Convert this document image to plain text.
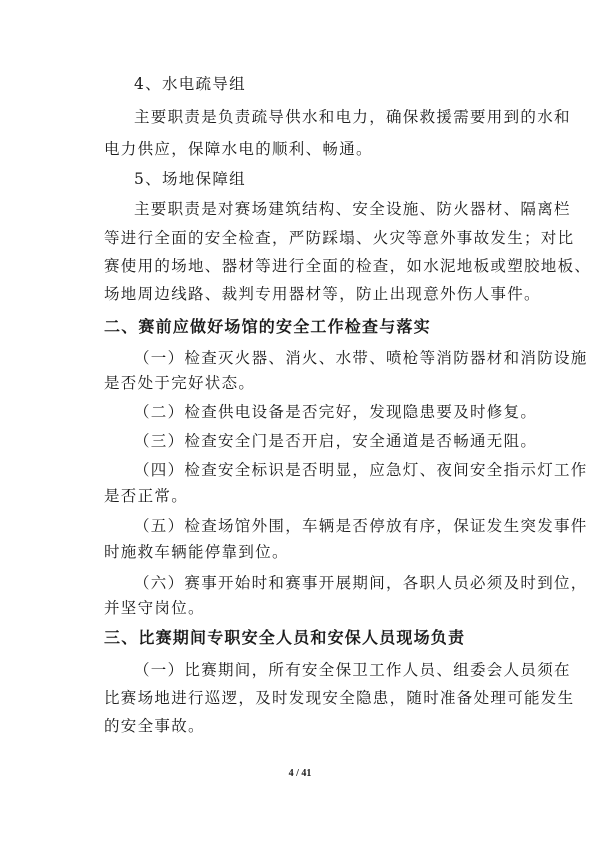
4、水电疏导组
主要职责是负责疏导供水和电力，确保救援需要用到的水和
电力供应，保障水电的顺利、畅通。
5、场地保障组
主要职责是对赛场建筑结构、安全设施、防火器材、隔离栏
等进行全面的安全检查，严防踩塌、火灾等意外事故发生；对比
赛使用的场地、器材等进行全面的检查，如水泥地板或塑胶地板、
场地周边线路、裁判专用器材等，防止出现意外伤人事件。
二、赛前应做好场馆的安全工作检查与落实
（一）检查灭火器、消火、水带、喷枪等消防器材和消防设施
是否处于完好状态。
（二）检查供电设备是否完好，发现隐患要及时修复。
（三）检查安全门是否开启，安全通道是否畅通无阻。
（四）检查安全标识是否明显，应急灯、夜间安全指示灯工作
是否正常。
（五）检查场馆外围，车辆是否停放有序，保证发生突发事件
时施救车辆能停靠到位。
（六）赛事开始时和赛事开展期间，各职人员必须及时到位，
并坚守岗位。
三、比赛期间专职安全人员和安保人员现场负责
（一）比赛期间，所有安全保卫工作人员、组委会人员须在
比赛场地进行巡逻，及时发现安全隐患，随时准备处理可能发生
的安全事故。
4 / 41
